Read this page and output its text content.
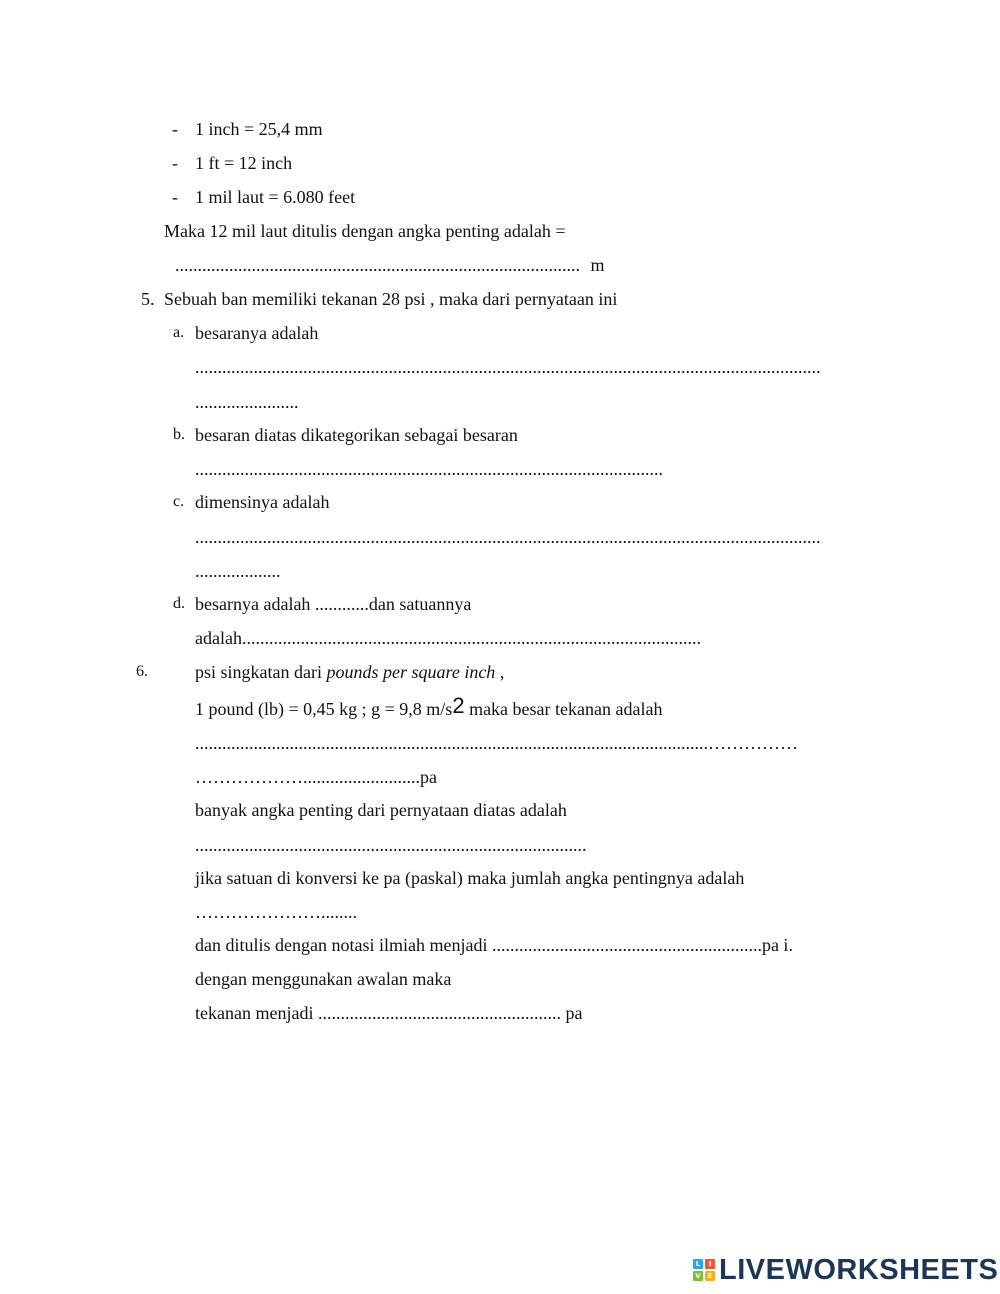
- 1 inch = 25,4 mm
- 1 ft = 12 inch
- 1 mil laut = 6.080 feet
Maka 12 mil laut ditulis dengan angka penting adalah =
.......................................................................................... m
5. Sebuah ban memiliki tekanan 28 psi , maka dari pernyataan ini
a. besaranya adalah
...........................................................................................................................................
.......................
b. besaran diatas dikategorikan sebagai besaran
........................................................................................................
c. dimensinya adalah
...........................................................................................................................................
...................
d. besarnya adalah ............dan satuannya
adalah......................................................................................................
6.	psi singkatan dari pounds per square inch ,
1 pound (lb) = 0,45 kg ; g = 9,8 m/s2 maka besar tekanan adalah
..................................................................................................................……………
………………..........................pa
banyak angka penting dari pernyataan diatas adalah
.......................................................................................
jika satuan di konversi ke pa (paskal) maka jumlah angka pentingnya adalah
…………………........
dan ditulis dengan notasi ilmiah menjadi ............................................................pa i.
dengan menggunakan awalan maka
tekanan menjadi ...................................................... pa
L	I
V E LIVEWORKSHEETS
